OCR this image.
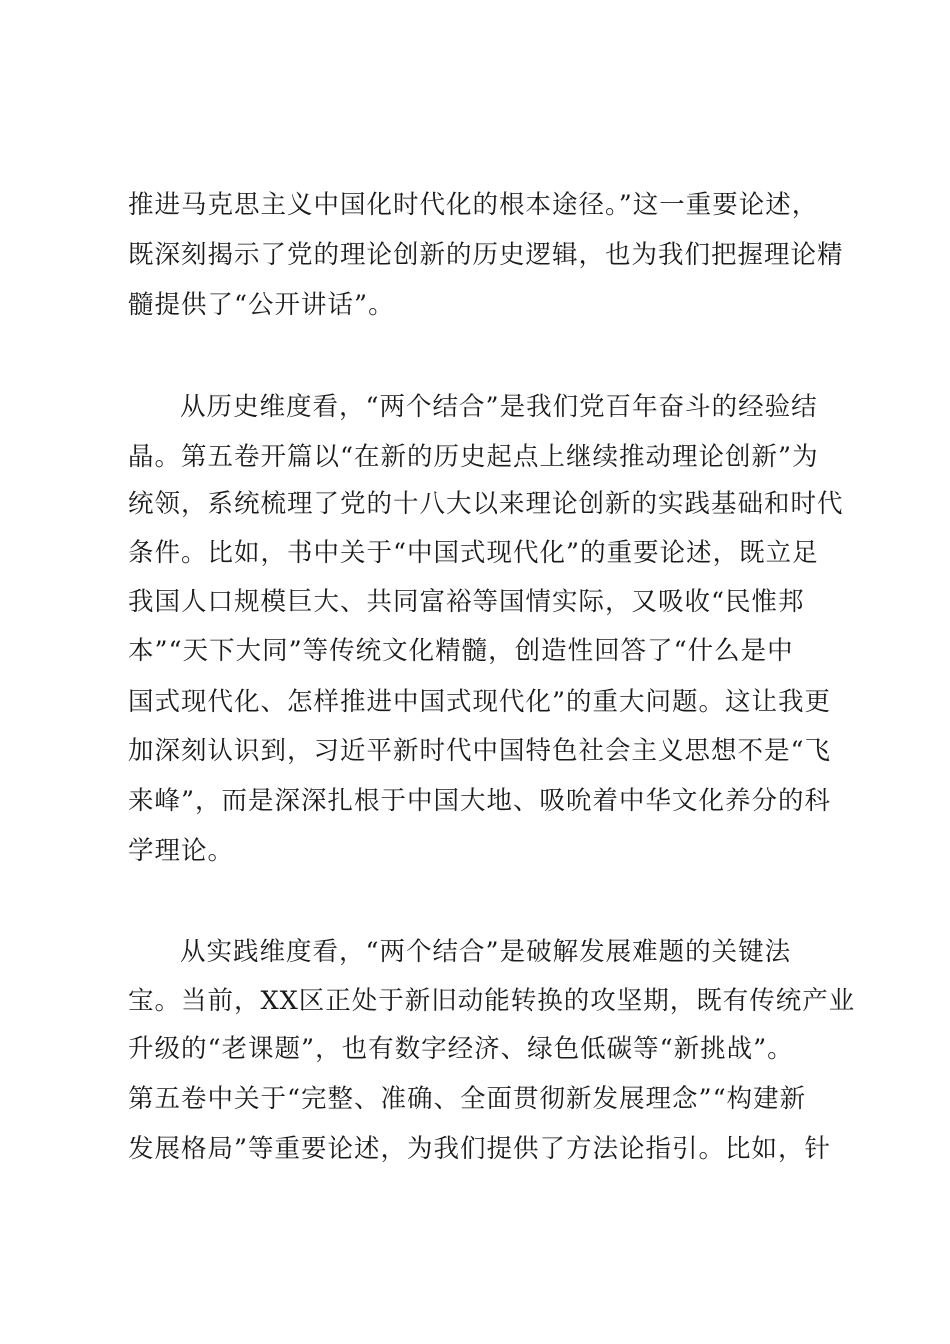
推进马克思主义中国化时代化的根本途径。”这一重要论述，
既深刻揭示了党的理论创新的历史逻辑，也为我们把握理论精
髓提供了“公开讲话”。
从历史维度看，“两个结合”是我们党百年奋斗的经验结
晶。第五卷开篇以“在新的历史起点上继续推动理论创新”为
统领，系统梳理了党的十八大以来理论创新的实践基础和时代
条件。比如，书中关于“中国式现代化”的重要论述，既立足
我国人口规模巨大、共同富裕等国情实际，又吸收“民惟邦
本”“天下大同”等传统文化精髓，创造性回答了“什么是中
国式现代化、怎样推进中国式现代化”的重大问题。这让我更
加深刻认识到，习近平新时代中国特色社会主义思想不是“飞
来峰”，而是深深扎根于中国大地、吸吮着中华文化养分的科
学理论。
从实践维度看，“两个结合”是破解发展难题的关键法
宝。当前，XX区正处于新旧动能转换的攻坚期，既有传统产业
升级的“老课题”，也有数字经济、绿色低碳等“新挑战”。
第五卷中关于“完整、准确、全面贯彻新发展理念”“构建新
发展格局”等重要论述，为我们提供了方法论指引。比如，针
